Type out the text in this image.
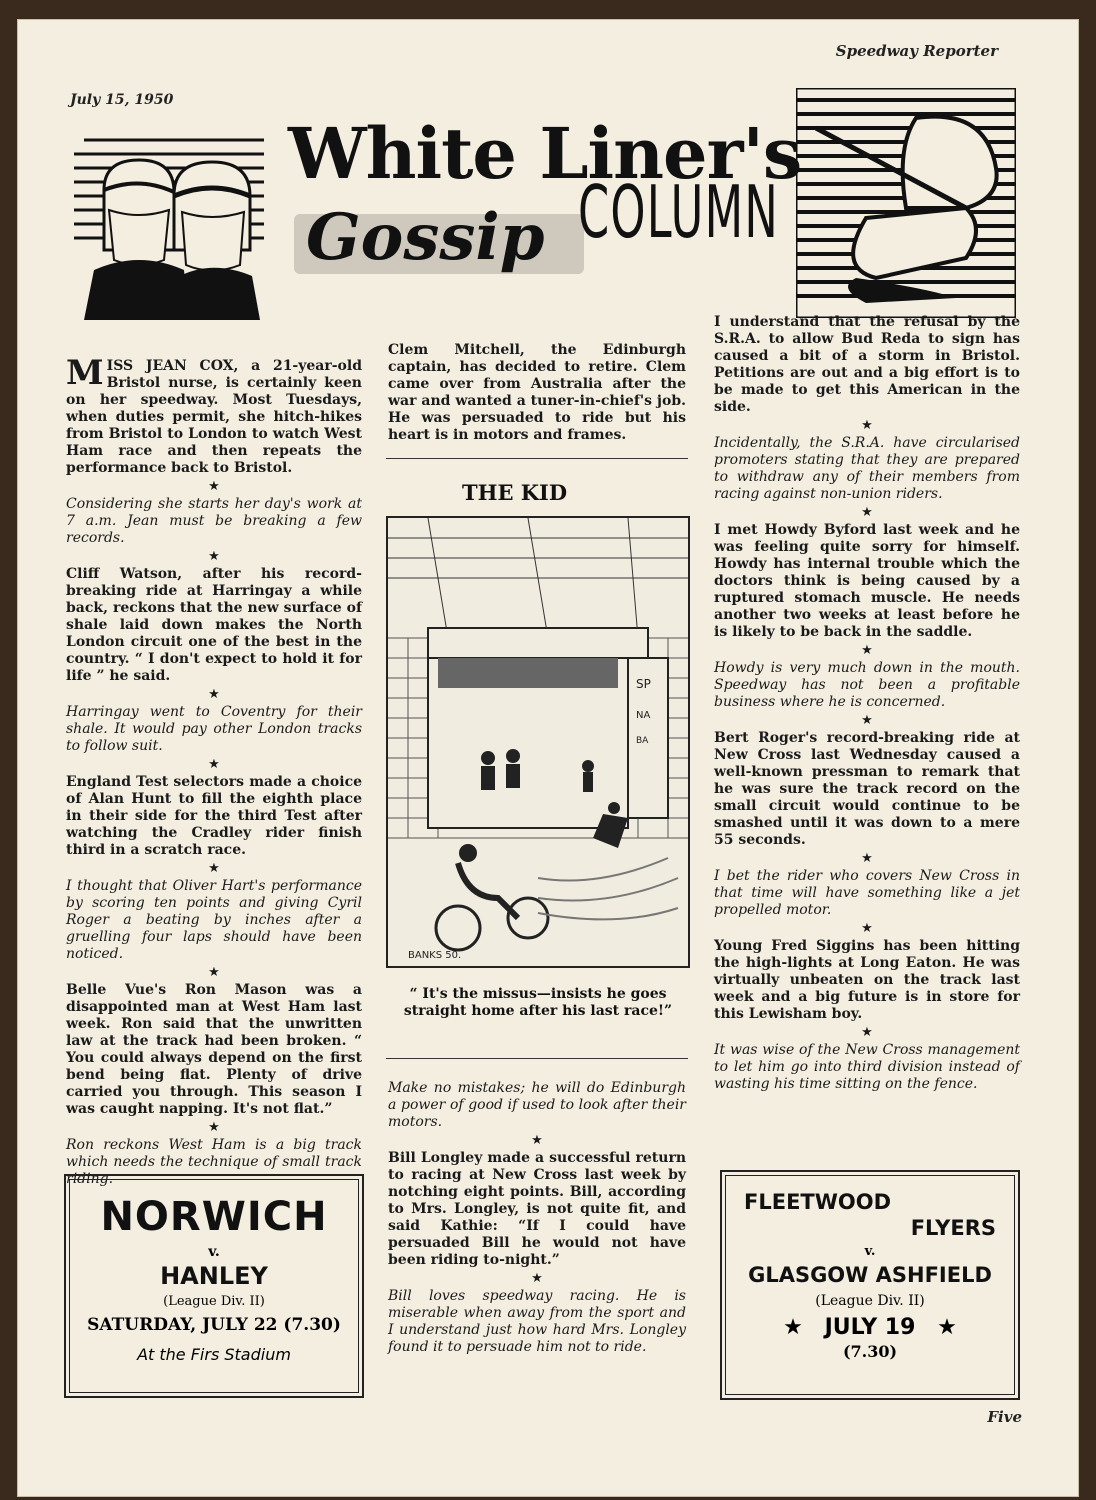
Speedway Reporter
July 15, 1950
White Liner's
Gossip COLUMN

MISS JEAN COX, a 21-year-old Bristol nurse, is certainly keen on her speedway. Most Tuesdays, when duties permit, she hitch-hikes from Bristol to London to watch West Ham race and then repeats the performance back to Bristol.

★

Considering she starts her day's work at 7 a.m. Jean must be breaking a few records.

★

Cliff Watson, after his record-breaking ride at Harringay a while back, reckons that the new surface of shale laid down makes the North London circuit one of the best in the country. “ I don't expect to hold it for life ” he said.

★

Harringay went to Coventry for their shale. It would pay other London tracks to follow suit.

★

England Test selectors made a choice of Alan Hunt to fill the eighth place in their side for the third Test after watching the Cradley rider finish third in a scratch race.

★

I thought that Oliver Hart's performance by scoring ten points and giving Cyril Roger a beating by inches after a gruelling four laps should have been noticed.

★

Belle Vue's Ron Mason was a disappointed man at West Ham last week. Ron said that the unwritten law at the track had been broken. “ You could always depend on the first bend being flat. Plenty of drive carried you through. This season I was caught napping. It's not flat.”

★

Ron reckons West Ham is a big track which needs the technique of small track riding.

Clem Mitchell, the Edinburgh captain, has decided to retire. Clem came over from Australia after the war and wanted a tuner-in-chief's job. He was persuaded to ride but his heart is in motors and frames.
THE KID
SP
NA
BA
BANKS 50.
“ It's the missus—insists he goes straight home after his last race!”

Make no mistakes; he will do Edinburgh a power of good if used to look after their motors.

★

Bill Longley made a successful return to racing at New Cross last week by notching eight points. Bill, according to Mrs. Longley, is not quite fit, and said Kathie: “If I could have persuaded Bill he would not have been riding to-night.”

★

Bill loves speedway racing. He is miserable when away from the sport and I understand just how hard Mrs. Longley found it to persuade him not to ride.

I understand that the refusal by the S.R.A. to allow Bud Reda to sign has caused a bit of a storm in Bristol. Petitions are out and a big effort is to be made to get this American in the side.

★

Incidentally, the S.R.A. have circularised promoters stating that they are prepared to withdraw any of their members from racing against non-union riders.

★

I met Howdy Byford last week and he was feeling quite sorry for himself. Howdy has internal trouble which the doctors think is being caused by a ruptured stomach muscle. He needs another two weeks at least before he is likely to be back in the saddle.

★

Howdy is very much down in the mouth. Speedway has not been a profitable business where he is concerned.

★

Bert Roger's record-breaking ride at New Cross last Wednesday caused a well-known pressman to remark that he was sure the track record on the small circuit would continue to be smashed until it was down to a mere 55 seconds.

★

I bet the rider who covers New Cross in that time will have something like a jet propelled motor.

★

Young Fred Siggins has been hitting the high-lights at Long Eaton. He was virtually unbeaten on the track last week and a big future is in store for this Lewisham boy.

★

It was wise of the New Cross management to let him go into third division instead of wasting his time sitting on the fence.

NORWICH
v.
HANLEY
(League Div. II)
SATURDAY, JULY 22 (7.30)
At the Firs Stadium
FLEETWOOD
FLYERS
v.
GLASGOW ASHFIELD
(League Div. II)
★ JULY 19 ★
(7.30)
Five
